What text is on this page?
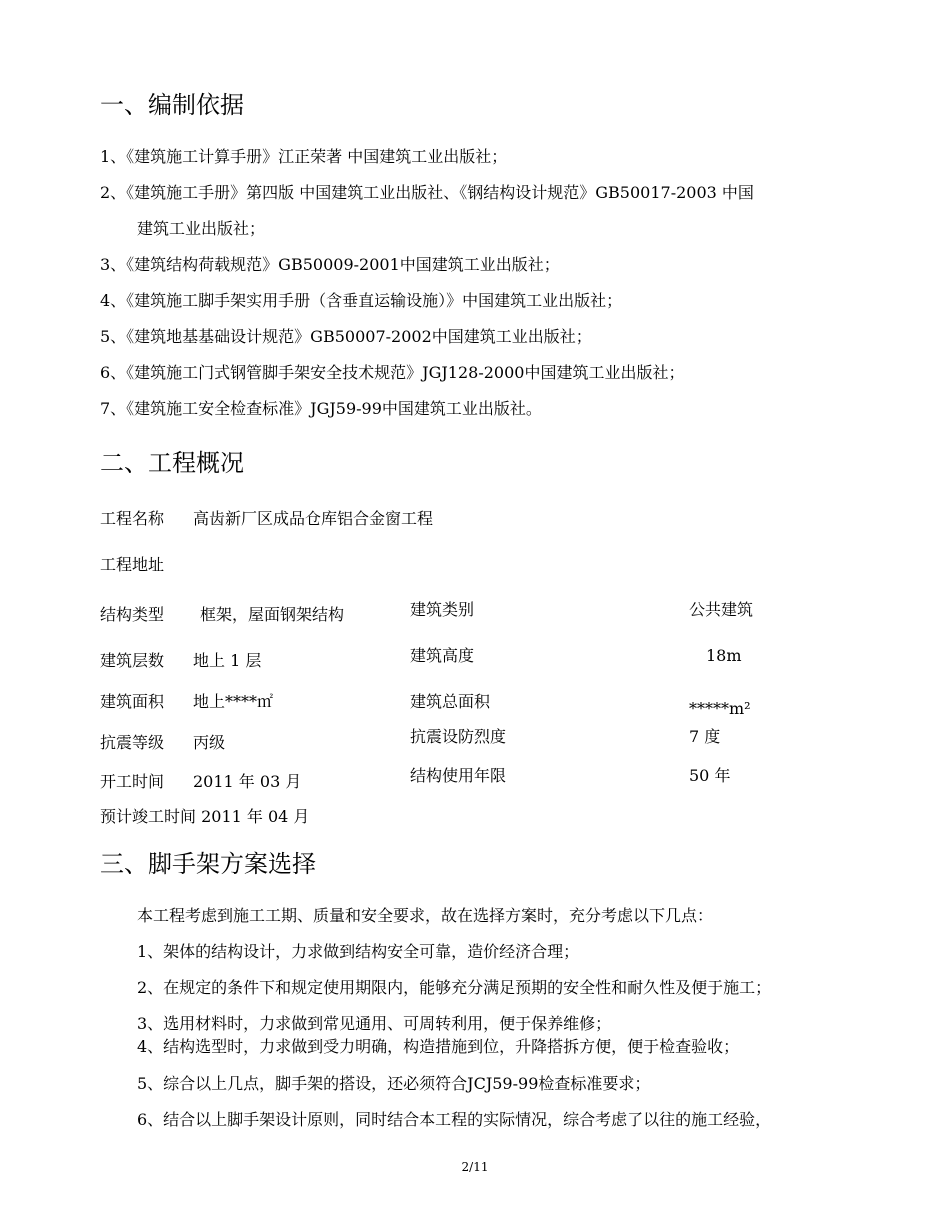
一、编制依据
1、《建筑施工计算手册》江正荣著 中国建筑工业出版社；
2、《建筑施工手册》第四版 中国建筑工业出版社、《钢结构设计规范》GB50017-2003 中国
建筑工业出版社；
3、《建筑结构荷载规范》GB50009-2001中国建筑工业出版社；
4、《建筑施工脚手架实用手册（含垂直运输设施）》中国建筑工业出版社；
5、《建筑地基基础设计规范》GB50007-2002中国建筑工业出版社；
6、《建筑施工门式钢管脚手架安全技术规范》JGJ128-2000中国建筑工业出版社；
7、《建筑施工安全检查标准》JGJ59-99中国建筑工业出版社。
二、工程概况
工程名称 高齿新厂区成品仓库铝合金窗工程
工程地址
结构类型 框架，屋面钢架结构	建筑类别	公共建筑
建筑层数 地上 1 层	建筑高度	18m
建筑面积 地上****㎡	建筑总面积	*****m²
抗震等级 丙级	抗震设防烈度	7 度
开工时间 2011 年 03 月	结构使用年限	50 年
预计竣工时间 2011 年 04 月
三、脚手架方案选择
本工程考虑到施工工期、质量和安全要求，故在选择方案时，充分考虑以下几点：
1、架体的结构设计，力求做到结构安全可靠，造价经济合理；
2、在规定的条件下和规定使用期限内，能够充分满足预期的安全性和耐久性及便于施工；
3、选用材料时，力求做到常见通用、可周转利用，便于保养维修；
4、结构选型时，力求做到受力明确，构造措施到位，升降搭拆方便，便于检查验收；
5、综合以上几点，脚手架的搭设，还必须符合JCJ59-99检查标准要求；
6、结合以上脚手架设计原则，同时结合本工程的实际情况，综合考虑了以往的施工经验，
2/11
